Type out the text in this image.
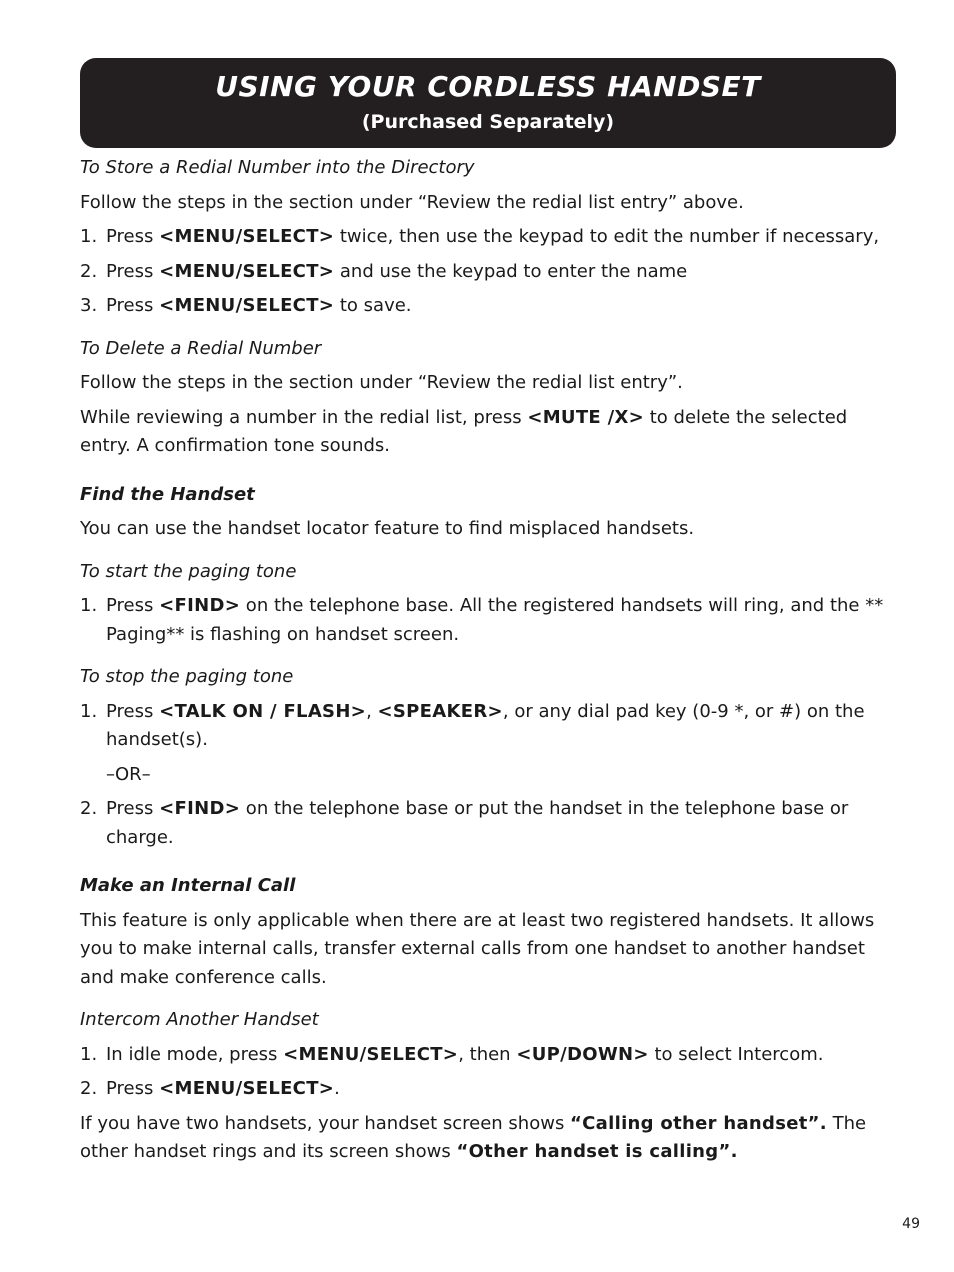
USING YOUR CORDLESS HANDSET
(Purchased Separately)

To Store a Redial Number into the Directory

Follow the steps in the section under “Review the redial list entry” above.

1. Press <MENU/SELECT> twice, then use the keypad to edit the number if necessary,
2. Press <MENU/SELECT> and use the keypad to enter the name
3. Press <MENU/SELECT> to save.

To Delete a Redial Number

Follow the steps in the section under “Review the redial list entry”.

While reviewing a number in the redial list, press <MUTE /X> to delete the selected entry. A confirmation tone sounds.

Find the Handset

You can use the handset locator feature to find misplaced handsets.

To start the paging tone

1. Press <FIND> on the telephone base. All the registered handsets will ring, and the ** Paging** is flashing on handset screen.

To stop the paging tone

1. Press <TALK ON / FLASH>, <SPEAKER>, or any dial pad key (0-9 *, or #) on the handset(s).

–OR–

2. Press <FIND> on the telephone base or put the handset in the telephone base or charge.

Make an Internal Call

This feature is only applicable when there are at least two registered handsets. It allows you to make internal calls, transfer external calls from one handset to another handset and make conference calls.

Intercom Another Handset

1. In idle mode, press <MENU/SELECT>, then <UP/DOWN> to select Intercom.
2. Press <MENU/SELECT>.

If you have two handsets, your handset screen shows “Calling other handset”. The other handset rings and its screen shows “Other handset is calling”.

49
